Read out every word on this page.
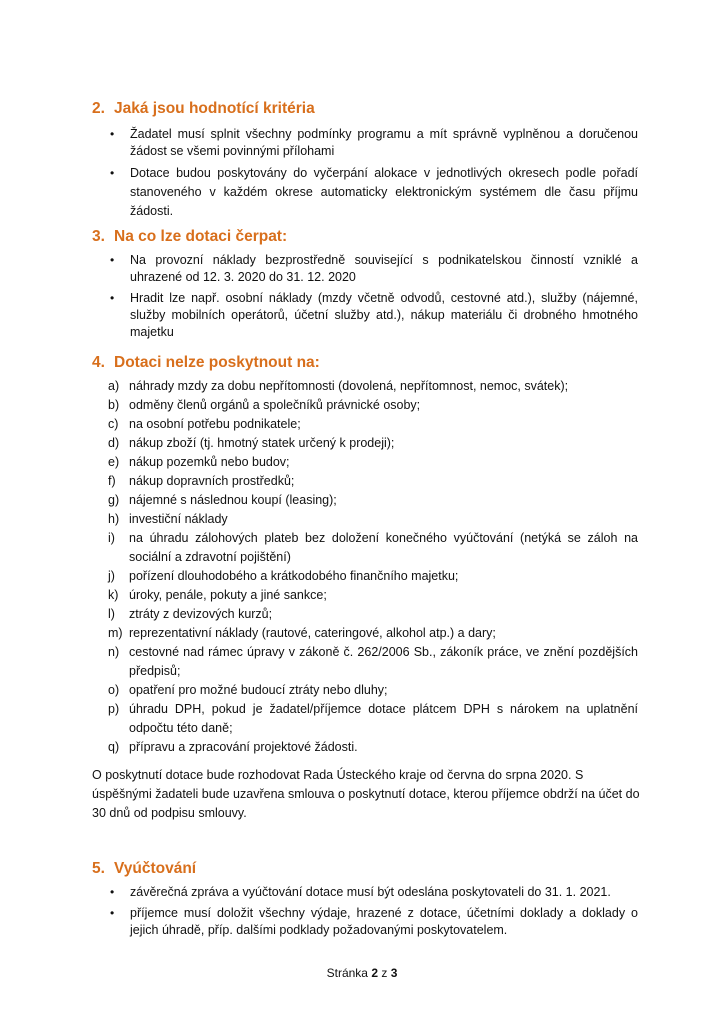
2. Jaká jsou hodnotící kritéria
• Žadatel musí splnit všechny podmínky programu a mít správně vyplněnou a doručenou žádost se všemi povinnými přílohami
• Dotace budou poskytovány do vyčerpání alokace v jednotlivých okresech podle pořadí stanoveného v každém okrese automaticky elektronickým systémem dle času příjmu žádosti.
3. Na co lze dotaci čerpat:
• Na provozní náklady bezprostředně související s podnikatelskou činností vzniklé a uhrazené od 12. 3. 2020 do 31. 12. 2020
• Hradit lze např. osobní náklady (mzdy včetně odvodů, cestovné atd.), služby (nájemné, služby mobilních operátorů, účetní služby atd.), nákup materiálu či drobného hmotného majetku
4. Dotaci nelze poskytnout na:
a) náhrady mzdy za dobu nepřítomnosti (dovolená, nepřítomnost, nemoc, svátek);
b) odměny členů orgánů a společníků právnické osoby;
c) na osobní potřebu podnikatele;
d) nákup zboží (tj. hmotný statek určený k prodeji);
e) nákup pozemků nebo budov;
f) nákup dopravních prostředků;
g) nájemné s následnou koupí (leasing);
h) investiční náklady
i) na úhradu zálohových plateb bez doložení konečného vyúčtování (netýká se záloh na sociální a zdravotní pojištění)
j) pořízení dlouhodobého a krátkodobého finančního majetku;
k) úroky, penále, pokuty a jiné sankce;
l) ztráty z devizových kurzů;
m) reprezentativní náklady (rautové, cateringové, alkohol atp.) a dary;
n) cestovné nad rámec úpravy v zákoně č. 262/2006 Sb., zákoník práce, ve znění pozdějších předpisů;
o) opatření pro možné budoucí ztráty nebo dluhy;
p) úhradu DPH, pokud je žadatel/příjemce dotace plátcem DPH s nárokem na uplatnění odpočtu této daně;
q) přípravu a zpracování projektové žádosti.

O poskytnutí dotace bude rozhodovat Rada Ústeckého kraje od června do srpna 2020. S úspěšnými žadateli bude uzavřena smlouva o poskytnutí dotace, kterou příjemce obdrží na účet do 30 dnů od podpisu smlouvy.

5. Vyúčtování
• závěrečná zpráva a vyúčtování dotace musí být odeslána poskytovateli do 31. 1. 2021.
• příjemce musí doložit všechny výdaje, hrazené z dotace, účetními doklady a doklady o jejich úhradě, příp. dalšími podklady požadovanými poskytovatelem.

Stránka 2 z 3
